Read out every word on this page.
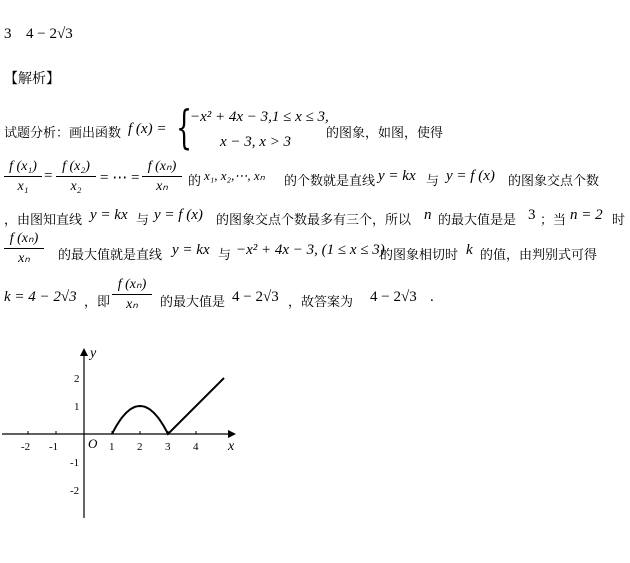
3 4 − 2√3
【解析】
试题分析：画出函数 f (x) = {
−x² + 4x − 3,1 ≤ x ≤ 3,
x − 3, x > 3
的图象，如图，使得
f (x₁)
x₁
=
f (x₂)
x₂
= ⋯ =
f (xₙ)
xₙ	的 x₁, x₂,⋯, xₙ 的个数就是直线 y = kx 与 y = f (x) 的图象交点个数
，由图知直线 y = kx 与 y = f (x) 的图象交点个数最多有三个，所以 n 的最大值是是 3 ；当 n = 2 时
f (xₙ)
xₙ	的最大值就是直线 y = kx 与 −x² + 4x − 3, (1 ≤ x ≤ 3)
的图象相切时 k 的值，由判别式可得
k = 4 − 2√3 ，即
f (xₙ)
xₙ	的最大值是 4 − 2√3 ，故答案为 4 − 2√3 .
y
x
O
-2 -1	1 2 3 4
2
1
-1
-2
